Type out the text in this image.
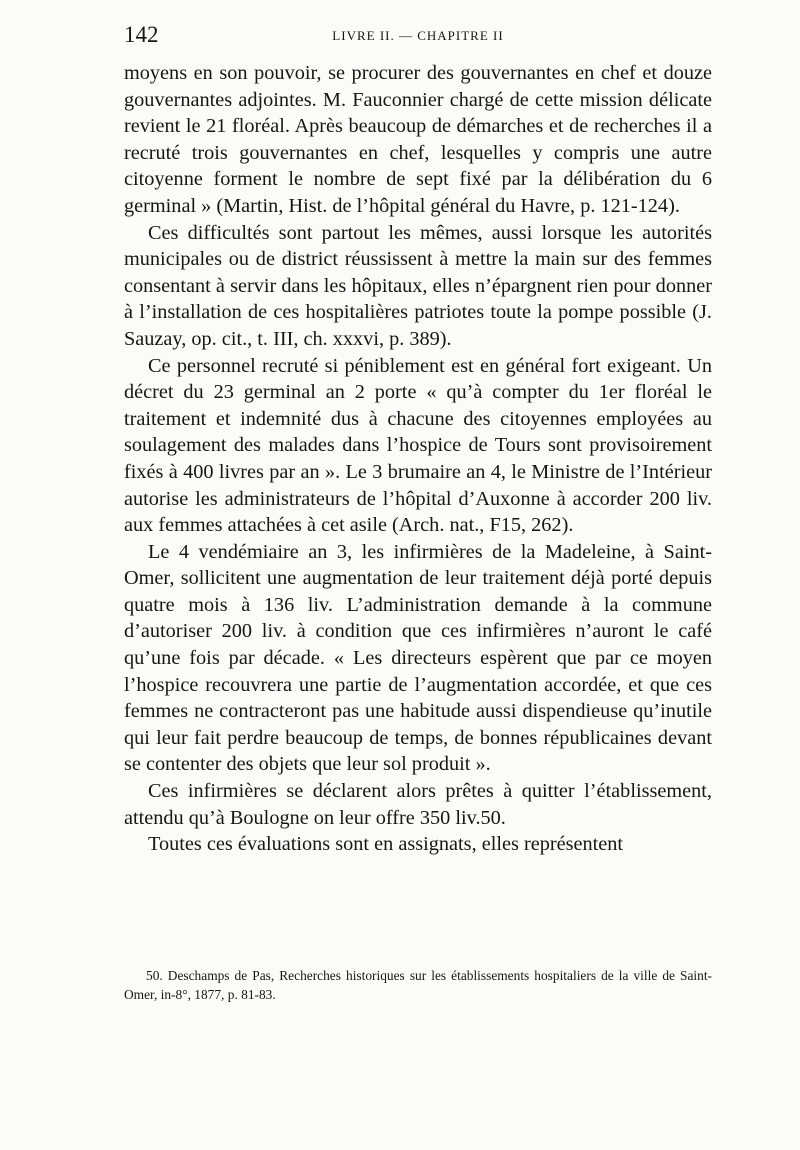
142	LIVRE II. — CHAPITRE II

moyens en son pouvoir, se procurer des gouvernantes en chef et douze gouvernantes adjointes. M. Fauconnier chargé de cette mission délicate revient le 21 floréal. Après beaucoup de démarches et de recherches il a recruté trois gouvernantes en chef, lesquelles y compris une autre citoyenne forment le nombre de sept fixé par la délibération du 6 germinal » (Martin, Hist. de l’hôpital général du Havre, p. 121-124).

Ces difficultés sont partout les mêmes, aussi lorsque les autorités municipales ou de district réussissent à mettre la main sur des femmes consentant à servir dans les hôpitaux, elles n’épargnent rien pour donner à l’installation de ces hospitalières patriotes toute la pompe possible (J. Sauzay, op. cit., t. III, ch. xxxvi, p. 389).

Ce personnel recruté si péniblement est en général fort exigeant. Un décret du 23 germinal an 2 porte « qu’à compter du 1er floréal le traitement et indemnité dus à chacune des citoyennes employées au soulagement des malades dans l’hospice de Tours sont provisoirement fixés à 400 livres par an ». Le 3 brumaire an 4, le Ministre de l’Intérieur autorise les administrateurs de l’hôpital d’Auxonne à accorder 200 liv. aux femmes attachées à cet asile (Arch. nat., F15, 262).

Le 4 vendémiaire an 3, les infirmières de la Madeleine, à Saint-Omer, sollicitent une augmentation de leur traitement déjà porté depuis quatre mois à 136 liv. L’administration demande à la commune d’autoriser 200 liv. à condition que ces infirmières n’auront le café qu’une fois par décade. « Les directeurs espèrent que par ce moyen l’hospice recouvrera une partie de l’augmentation accordée, et que ces femmes ne contracteront pas une habitude aussi dispendieuse qu’inutile qui leur fait perdre beaucoup de temps, de bonnes républicaines devant se contenter des objets que leur sol produit ».

Ces infirmières se déclarent alors prêtes à quitter l’établissement, attendu qu’à Boulogne on leur offre 350 liv.50.

Toutes ces évaluations sont en assignats, elles représentent

50. Deschamps de Pas, Recherches historiques sur les établissements hospitaliers de la ville de Saint-Omer, in-8°, 1877, p. 81-83.
